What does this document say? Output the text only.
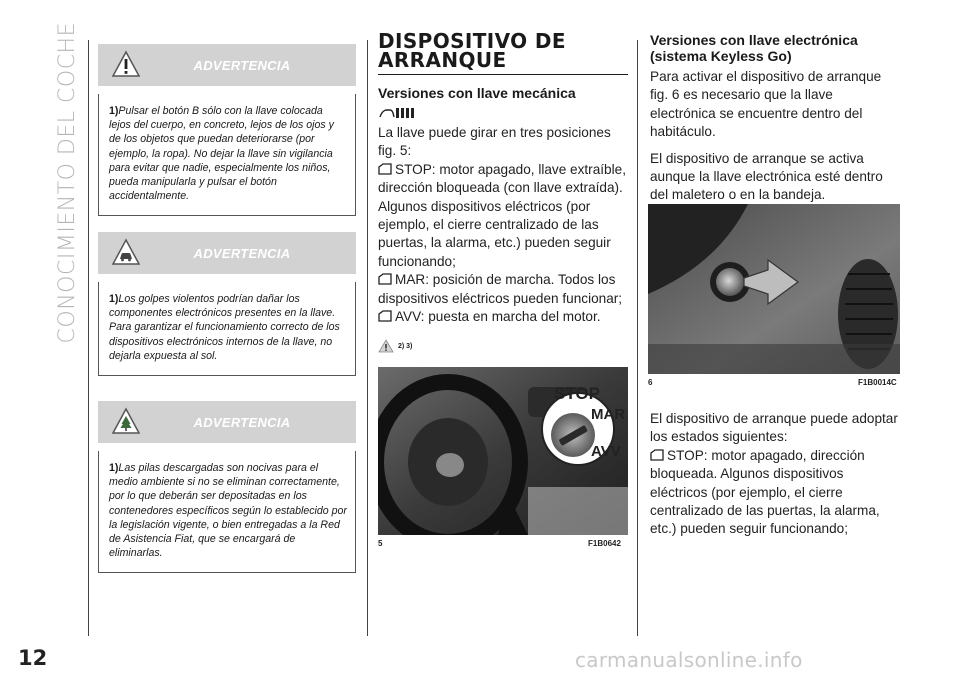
CONOCIMIENTO DEL COCHE
12
ADVERTENCIA
1)Pulsar el botón B sólo con la llave colocada lejos del cuerpo, en concreto, lejos de los ojos y de los objetos que puedan deteriorarse (por ejemplo, la ropa). No dejar la llave sin vigilancia para evitar que nadie, especialmente los niños, pueda manipularla y pulsar el botón accidentalmente.
ADVERTENCIA
1)Los golpes violentos podrían dañar los componentes electrónicos presentes en la llave. Para garantizar el funcionamiento correcto de los dispositivos electrónicos internos de la llave, no dejarla expuesta al sol.
ADVERTENCIA
1)Las pilas descargadas son nocivas para el medio ambiente si no se eliminan correctamente, por lo que deberán ser depositadas en los contenedores específicos según lo establecido por la legislación vigente, o bien entregadas a la Red de Asistencia Fiat, que se encargará de eliminarlas.
DISPOSITIVO DE ARRANQUE
Versiones con llave mecánica
La llave puede girar en tres posiciones fig. 5:
STOP: motor apagado, llave extraíble, dirección bloqueada (con llave extraída). Algunos dispositivos eléctricos (por ejemplo, el cierre centralizado de las puertas, la alarma, etc.) pueden seguir funcionando;
MAR: posición de marcha. Todos los dispositivos eléctricos pueden funcionar;
AVV: puesta en marcha del motor.
2) 3)
STOP
MAR
AVV
5	F1B0642
Versiones con llave electrónica (sistema Keyless Go)
Para activar el dispositivo de arranque fig. 6 es necesario que la llave electrónica se encuentre dentro del habitáculo.
El dispositivo de arranque se activa aunque la llave electrónica esté dentro del maletero o en la bandeja.
6	F1B0014C
El dispositivo de arranque puede adoptar los estados siguientes:
STOP: motor apagado, dirección bloqueada. Algunos dispositivos eléctricos (por ejemplo, el cierre centralizado de las puertas, la alarma, etc.) pueden seguir funcionando;
carmanualsonline.info
